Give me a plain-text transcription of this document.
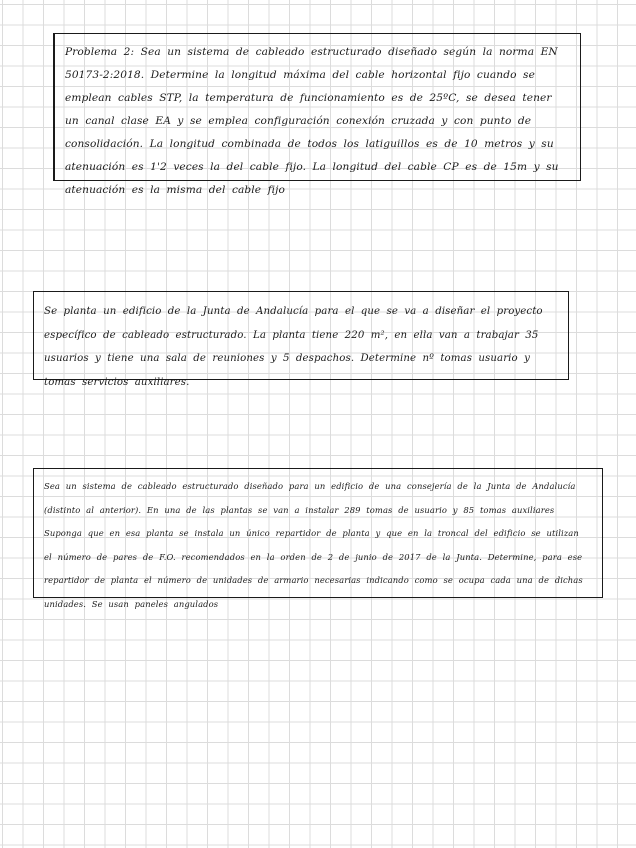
Problema 2: Sea un sistema de cableado estructurado diseñado según la norma EN 50173-2:2018. Determine la longitud máxima del cable horizontal fijo cuando se emplean cables STP, la temperatura de funcionamiento es de 25ºC, se desea tener un canal clase EA y se emplea configuración conexión cruzada y con punto de consolidación. La longitud combinada de todos los latiguillos es de 10 metros y su atenuación es 1'2 veces la del cable fijo. La longitud del cable CP es de 15m y su atenuación es la misma del cable fijo

Se planta un edificio de la Junta de Andalucía para el que se va a diseñar el proyecto específico de cableado estructurado. La planta tiene 220 m², en ella van a trabajar 35 usuarios y tiene una sala de reuniones y 5 despachos. Determine nº tomas usuario y tomas servicios auxiliares.

Sea un sistema de cableado estructurado diseñado para un edificio de una consejería de la Junta de Andalucía (distinto al anterior). En una de las plantas se van a instalar 289 tomas de usuario y 85 tomas auxiliares Suponga que en esa planta se instala un único repartidor de planta y que en la troncal del edificio se utilizan el número de pares de F.O. recomendados en la orden de 2 de junio de 2017 de la Junta. Determine, para ese repartidor de planta el número de unidades de armario necesarias indicando como se ocupa cada una de dichas unidades. Se usan paneles angulados
